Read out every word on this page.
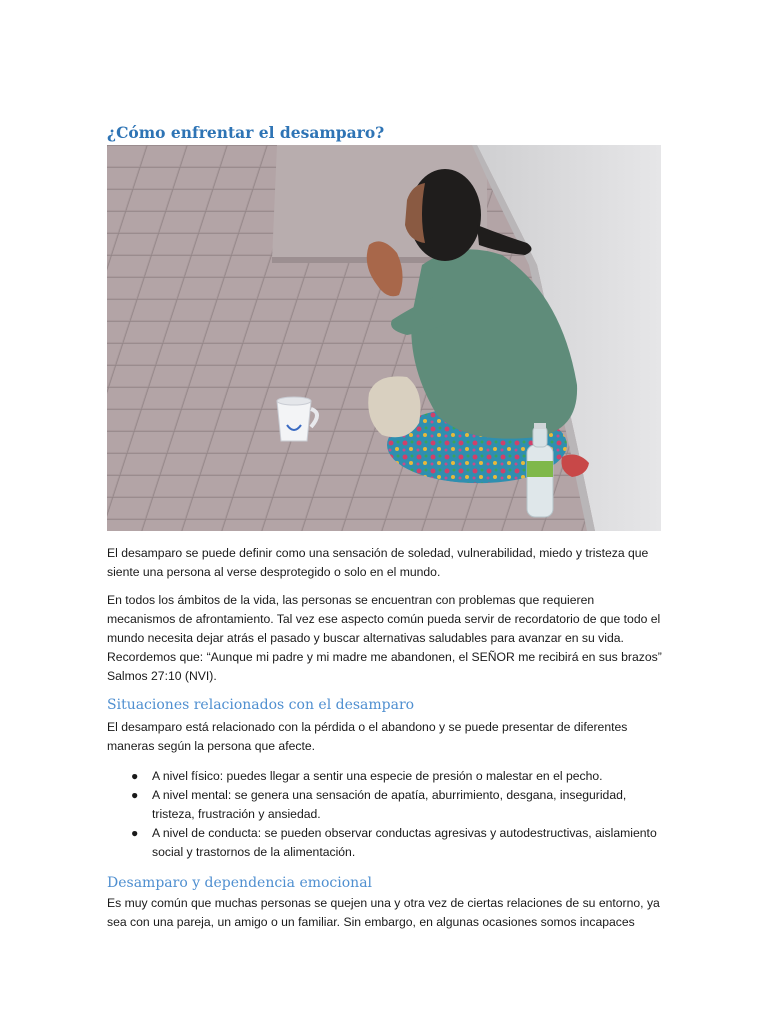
¿Cómo enfrentar el desamparo?

El desamparo se puede definir como una sensación de soledad, vulnerabilidad, miedo y tristeza que siente una persona al verse desprotegido o solo en el mundo.

En todos los ámbitos de la vida, las personas se encuentran con problemas que requieren mecanismos de afrontamiento. Tal vez ese aspecto común pueda servir de recordatorio de que todo el mundo necesita dejar atrás el pasado y buscar alternativas saludables para avanzar en su vida. Recordemos que: “Aunque mi padre y mi madre me abandonen, el SEÑOR me recibirá en sus brazos” Salmos 27:10 (NVI).

Situaciones relacionados con el desamparo

El desamparo está relacionado con la pérdida o el abandono y se puede presentar de diferentes maneras según la persona que afecte.

● A nivel físico: puedes llegar a sentir una especie de presión o malestar en el pecho.
● A nivel mental: se genera una sensación de apatía, aburrimiento, desgana, inseguridad, tristeza, frustración y ansiedad.
● A nivel de conducta: se pueden observar conductas agresivas y autodestructivas, aislamiento social y trastornos de la alimentación.
Desamparo y dependencia emocional

Es muy común que muchas personas se quejen una y otra vez de ciertas relaciones de su entorno, ya sea con una pareja, un amigo o un familiar. Sin embargo, en algunas ocasiones somos incapaces
